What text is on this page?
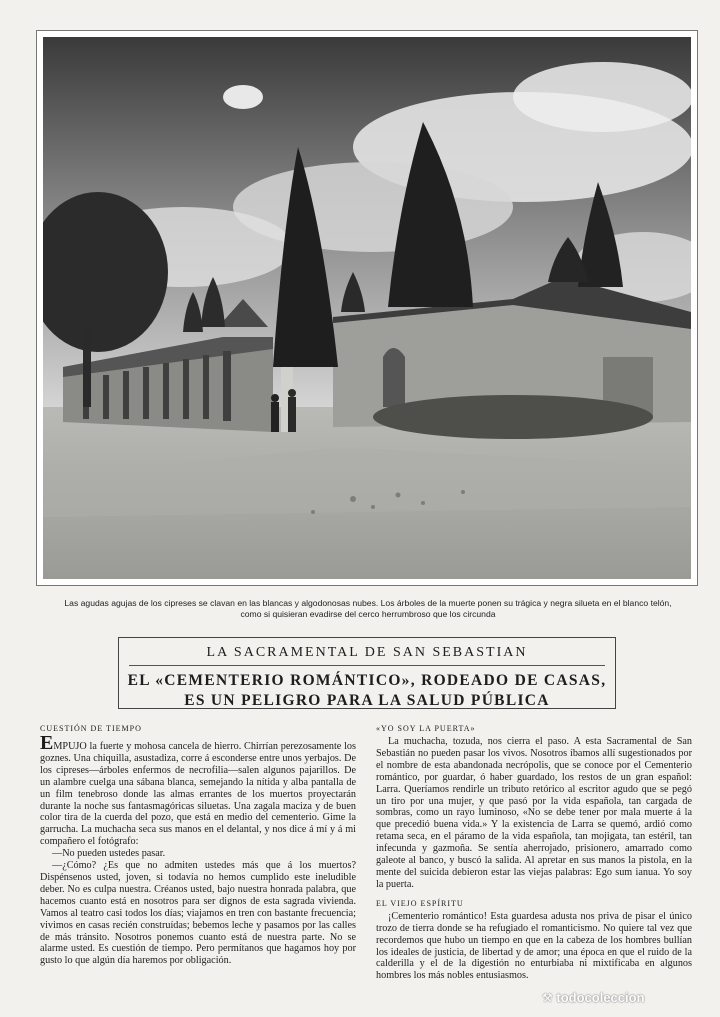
Las agudas agujas de los cipreses se clavan en las blancas y algodonosas nubes. Los árboles de la muerte ponen su trágica y negra silueta en el blanco telón,
como si quisieran evadirse del cerco herrumbroso que los circunda
LA SACRAMENTAL DE SAN SEBASTIAN
EL «CEMENTERIO ROMÁNTICO», RODEADO DE CASAS,
ES UN PELIGRO PARA LA SALUD PÚBLICA
CUESTIÓN DE TIEMPO

EMPUJO la fuerte y mohosa cancela de hierro. Chirrían perezosamente los goznes. Una chiquilla, asustadiza, corre á esconderse entre unos yerbajos. De los cipreses—árboles enfermos de necrofilia—salen algunos pajarillos. De un alambre cuelga una sábana blanca, semejando la nítida y alba pantalla de un film tenebroso donde las almas errantes de los muertos proyectarán durante la noche sus fantasmagóricas siluetas. Una zagala maciza y de buen color tira de la cuerda del pozo, que está en medio del cementerio. Gime la garrucha. La muchacha seca sus manos en el delantal, y nos dice á mí y á mi compañero el fotógrafo:

—No pueden ustedes pasar.

—¿Cómo? ¿Es que no admiten ustedes más que á los muertos? Dispénsenos usted, joven, si todavía no hemos cumplido este ineludible deber. No es culpa nuestra. Créanos usted, bajo nuestra honrada palabra, que hacemos cuanto está en nosotros para ser dignos de esta sagrada vivienda. Vamos al teatro casi todos los días; viajamos en tren con bastante frecuencia; vivimos en casas recién construídas; bebemos leche y pasamos por las calles de más tránsito. Nosotros ponemos cuanto está de nuestra parte. No se alarme usted. Es cuestión de tiempo. Pero permítanos que hagamos hoy por gusto lo que algún día haremos por obligación.

«YO SOY LA PUERTA»

La muchacha, tozuda, nos cierra el paso. A esta Sacramental de San Sebastián no pueden pasar los vivos. Nosotros íbamos allí sugestionados por el nombre de esta abandonada necrópolis, que se conoce por el Cementerio romántico, por guardar, ó haber guardado, los restos de un gran español: Larra. Queríamos rendirle un tributo retórico al escritor agudo que se pegó un tiro por una mujer, y que pasó por la vida española, tan cargada de sombras, como un rayo luminoso, «No se debe tener por mala muerte á la que precedió buena vida.» Y la existencia de Larra se quemó, ardió como retama seca, en el páramo de la vida española, tan mojigata, tan estéril, tan infecunda y gazmoña. Se sentía aherrojado, prisionero, amarrado como galeote al banco, y buscó la salida. Al apretar en sus manos la pistola, en la mente del suicida debieron estar las viejas palabras: Ego sum ianua. Yo soy la puerta.

EL VIEJO ESPÍRITU

¡Cementerio romántico! Esta guardesa adusta nos priva de pisar el único trozo de tierra donde se ha refugiado el romanticismo. No quiere tal vez que recordemos que hubo un tiempo en que en la cabeza de los hombres bullían los ideales de justicia, de libertad y de amor; una época en que el ruido de la calderilla y el de la digestión no enturbiaba ni mixtificaba en algunos hombres los más nobles entusiasmos.

⚒ todocoleccion
